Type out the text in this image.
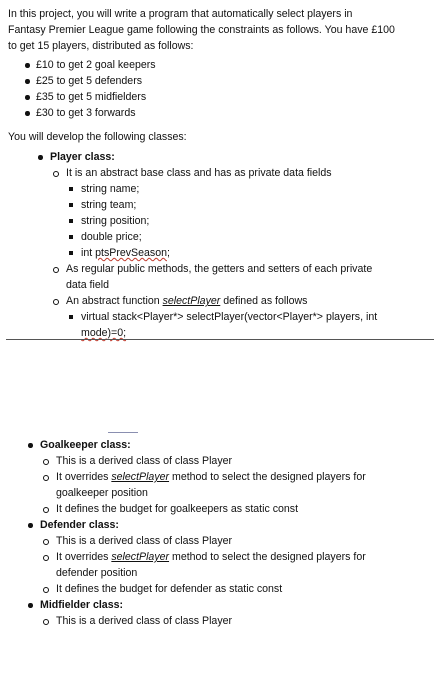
In this project, you will write a program that automatically select players in

Fantasy Premier League game following the constraints as follows. You have £100

to get 15 players, distributed as follows:

£10 to get 2 goal keepers
£25 to get 5 defenders
£35 to get 5 midfielders
£30 to get 3 forwards

You will develop the following classes:

Player class:
It is an abstract base class and has as private data fields
string name;
string team;
string position;
double price;
int ptsPrevSeason;
As regular public methods, the getters and setters of each private
data field
An abstract function selectPlayer defined as follows
virtual stack<Player*> selectPlayer(vector<Player*> players, int
mode)=0;
Goalkeeper class:
This is a derived class of class Player
It overrides selectPlayer method to select the designed players for
goalkeeper position
It defines the budget for goalkeepers as static const
Defender class:
This is a derived class of class Player
It overrides selectPlayer method to select the designed players for
defender position
It defines the budget for defender as static const
Midfielder class:
This is a derived class of class Player
